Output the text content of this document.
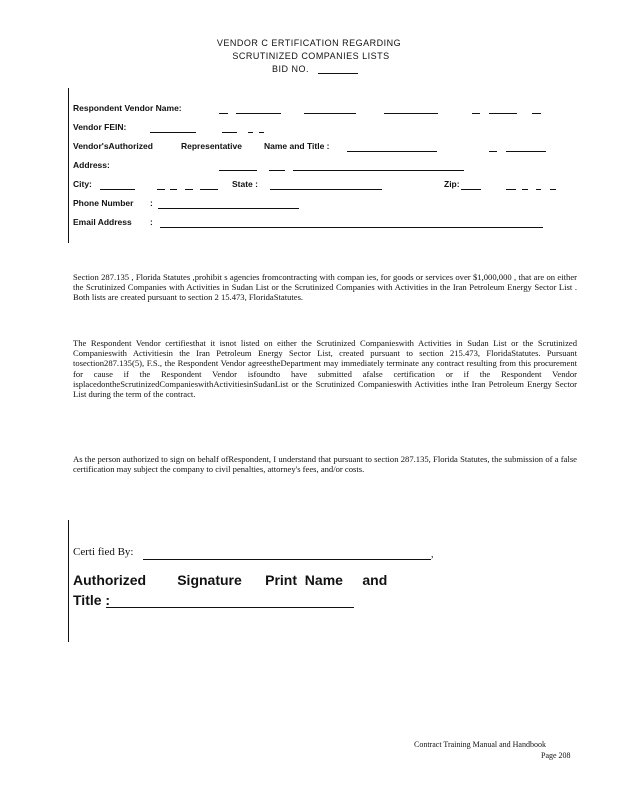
VENDOR C ERTIFICATION REGARDING
SCRUTINIZED COMPANIES LISTS
BID NO.
Respondent Vendor Name:
Vendor FEIN:
Vendor'sAuthorized	Representative	Name and Title :
Address:
City:	State :	Zip:
Phone Number :
Email Address :
Section 287.135 , Florida Statutes ,prohibit s agencies fromcontracting with compan ies, for goods or services over $1,000,000 , that are on either the Scrutinized Companies with Activities in Sudan List or the Scrutinized Companies with Activities in the Iran Petroleum Energy Sector List . Both lists are created pursuant to section 2 15.473, FloridaStatutes.
The Respondent Vendor certifiesthat it isnot listed on either the Scrutinized Companieswith Activities in Sudan List or the Scrutinized Companieswith Activitiesin the Iran Petroleum Energy Sector List, created pursuant to section 215.473, FloridaStatutes. Pursuant tosection287.135(5), F.S., the Respondent Vendor agreestheDepartment may immediately terminate any contract resulting from this procurement for cause if the Respondent Vendor isfoundto have submitted afalse certification or if the Respondent Vendor isplacedontheScrutinizedCompanieswithActivitiesinSudanList or the Scrutinized Companieswith Activities inthe Iran Petroleum Energy Sector List during the term of the contract.
As the person authorized to sign on behalf ofRespondent, I understand that pursuant to section 287.135, Florida Statutes, the submission of a false certification may subject the company to civil penalties, attorney's fees, and/or costs.
Certi fied By:	,
Authorized        Signature      Print  Name     and
Title :
Contract Training Manual and Handbook
Page 208
